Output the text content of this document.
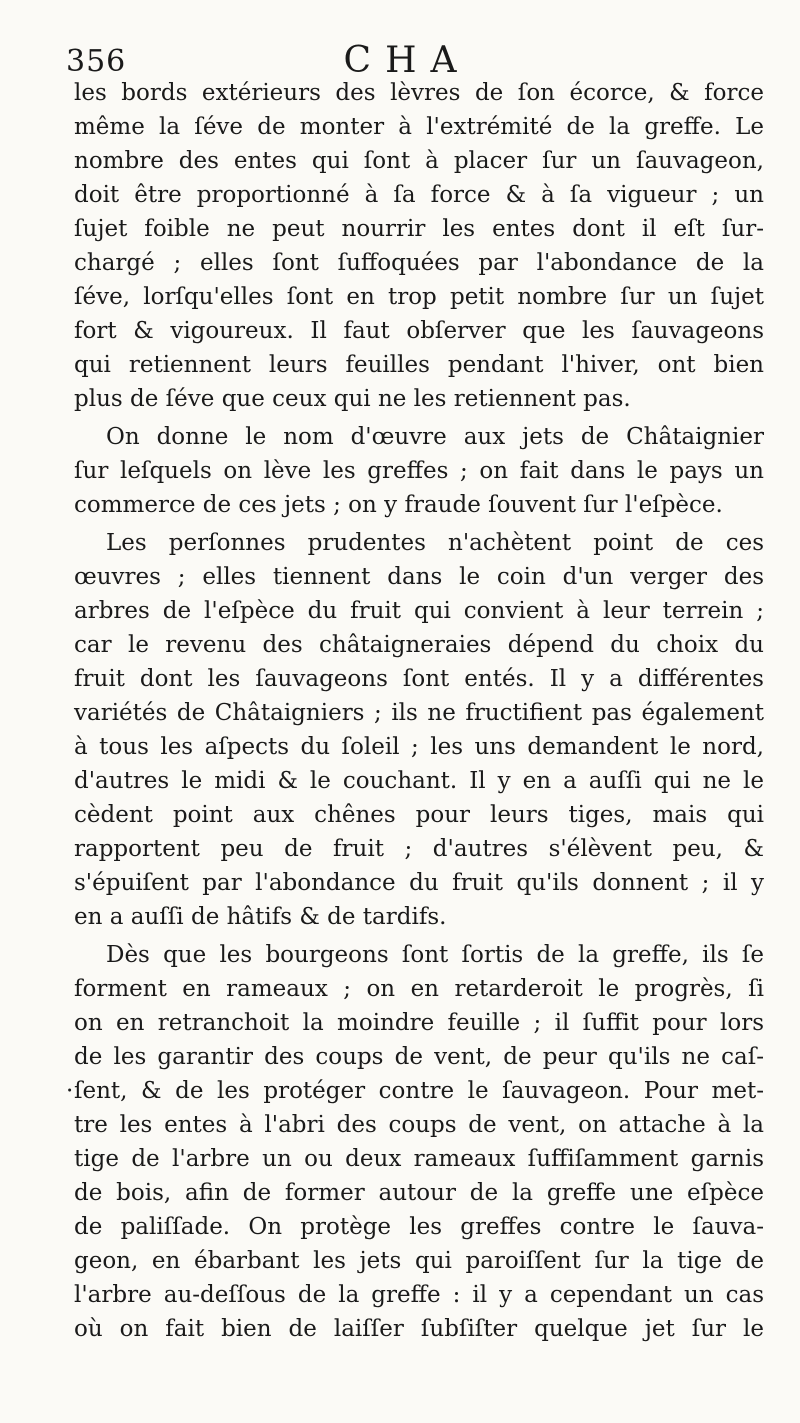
356	CHA
les bords extérieurs des lèvres de ſon écorce, & force
même la ſéve de monter à l'extrémité de la greffe. Le
nombre des entes qui ſont à placer ſur un ſauvageon,
doit être proportionné à ſa force & à ſa vigueur ; un
ſujet foible ne peut nourrir les entes dont il eſt ſur-
chargé ; elles ſont ſuffoquées par l'abondance de la
ſéve, lorſqu'elles ſont en trop petit nombre ſur un ſujet
fort & vigoureux. Il faut obſerver que les ſauvageons
qui retiennent leurs feuilles pendant l'hiver, ont bien
plus de ſéve que ceux qui ne les retiennent pas.
On donne le nom d'œuvre aux jets de Châtaignier
ſur leſquels on lève les greffes ; on fait dans le pays un
commerce de ces jets ; on y fraude ſouvent ſur l'eſpèce.
Les perſonnes prudentes n'achètent point de ces
œuvres ; elles tiennent dans le coin d'un verger des
arbres de l'eſpèce du fruit qui convient à leur terrein ;
car le revenu des châtaigneraies dépend du choix du
fruit dont les ſauvageons ſont entés. Il y a différentes
variétés de Châtaigniers ; ils ne fructifient pas également
à tous les aſpects du ſoleil ; les uns demandent le nord,
d'autres le midi & le couchant. Il y en a auſſi qui ne le
cèdent point aux chênes pour leurs tiges, mais qui
rapportent peu de fruit ; d'autres s'élèvent peu, &
s'épuiſent par l'abondance du fruit qu'ils donnent ; il y
en a auſſi de hâtifs & de tardifs.
Dès que les bourgeons ſont ſortis de la greffe, ils ſe
forment en rameaux ; on en retarderoit le progrès, ſi
on en retranchoit la moindre feuille ; il ſuffit pour lors
de les garantir des coups de vent, de peur qu'ils ne caſ-
· ſent, & de les protéger contre le ſauvageon. Pour met-
tre les entes à l'abri des coups de vent, on attache à la
tige de l'arbre un ou deux rameaux ſuffiſamment garnis
de bois, afin de former autour de la greffe une eſpèce
de paliſſade. On protège les greffes contre le ſauva-
geon, en ébarbant les jets qui paroiſſent ſur la tige de
l'arbre au-deſſous de la greffe : il y a cependant un cas
où on fait bien de laiſſer ſubſiſter quelque jet ſur le
